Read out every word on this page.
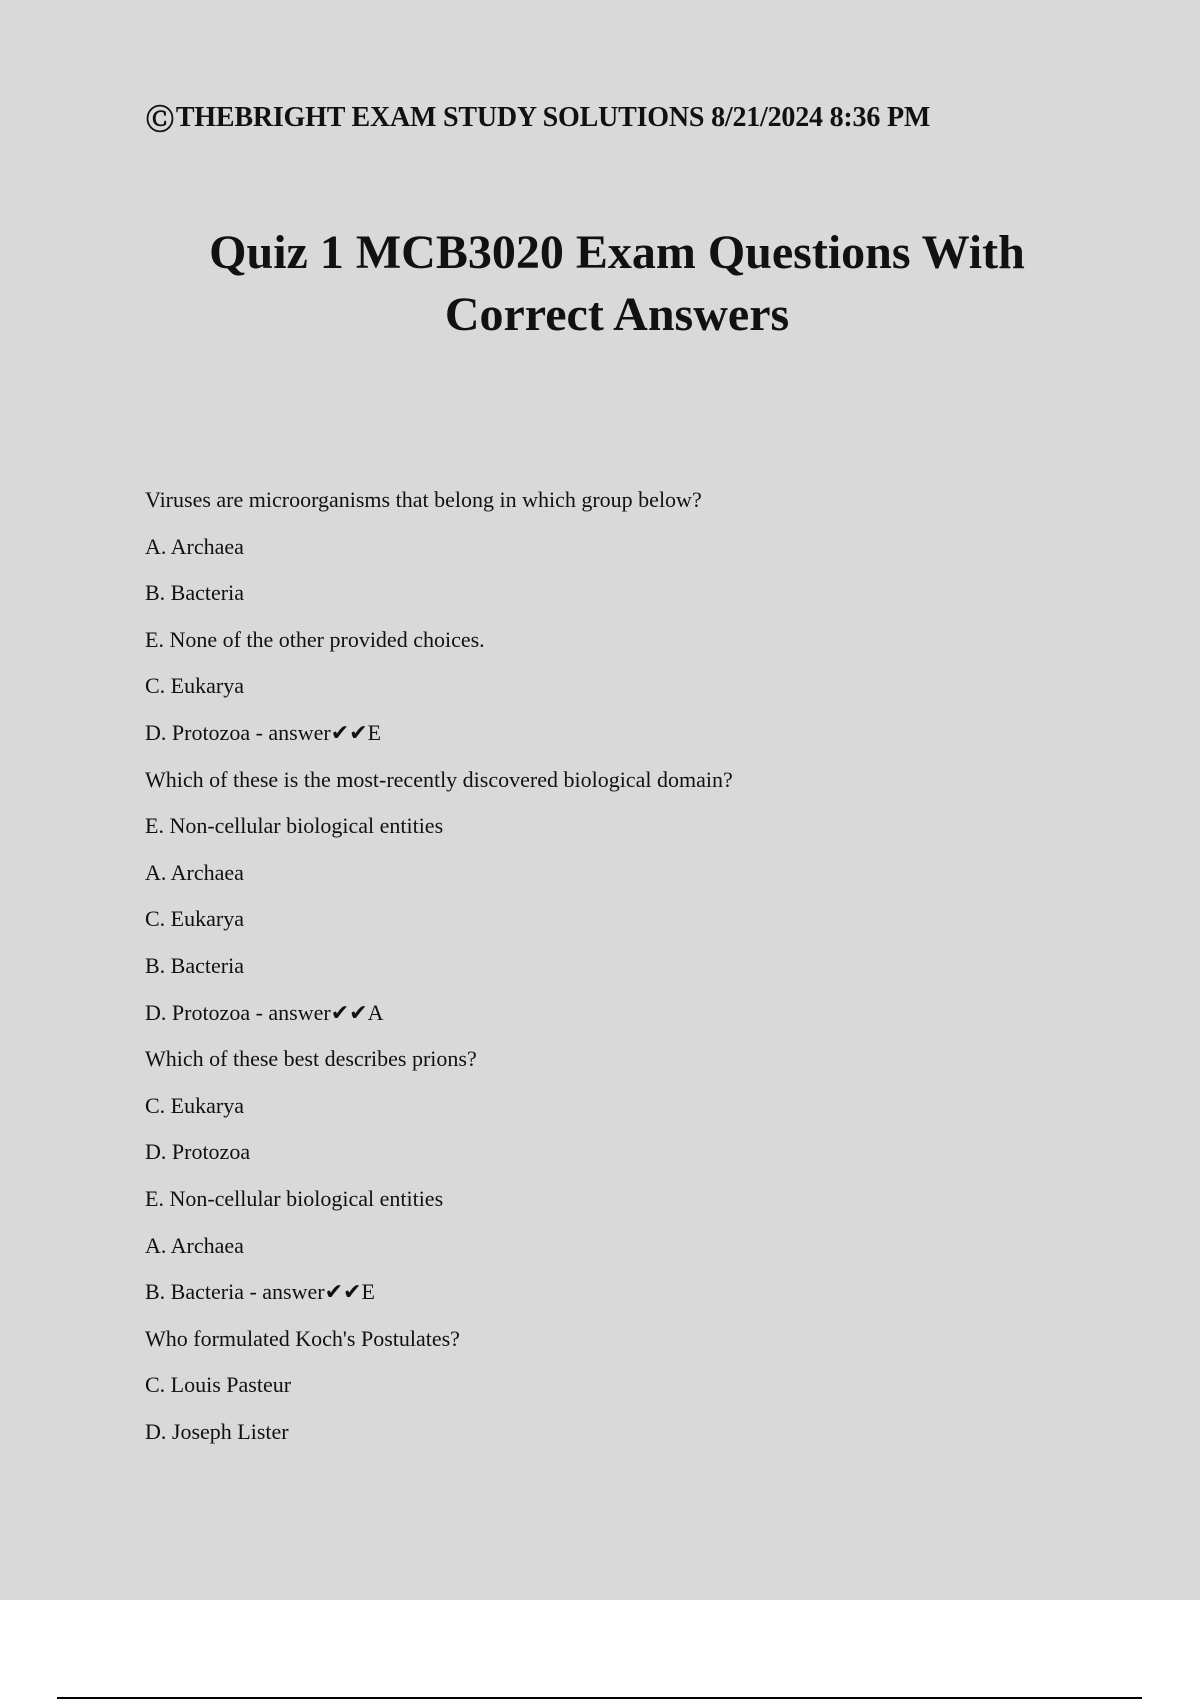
Ⓒ THEBRIGHT EXAM STUDY SOLUTIONS 8/21/2024 8:36 PM
Quiz 1 MCB3020 Exam Questions With
Correct Answers
Viruses are microorganisms that belong in which group below?
A. Archaea
B. Bacteria
E. None of the other provided choices.
C. Eukarya
D. Protozoa - answer✔✔E
Which of these is the most-recently discovered biological domain?
E. Non-cellular biological entities
A. Archaea
C. Eukarya
B. Bacteria
D. Protozoa - answer✔✔A
Which of these best describes prions?
C. Eukarya
D. Protozoa
E. Non-cellular biological entities
A. Archaea
B. Bacteria - answer✔✔E
Who formulated Koch's Postulates?
C. Louis Pasteur
D. Joseph Lister
